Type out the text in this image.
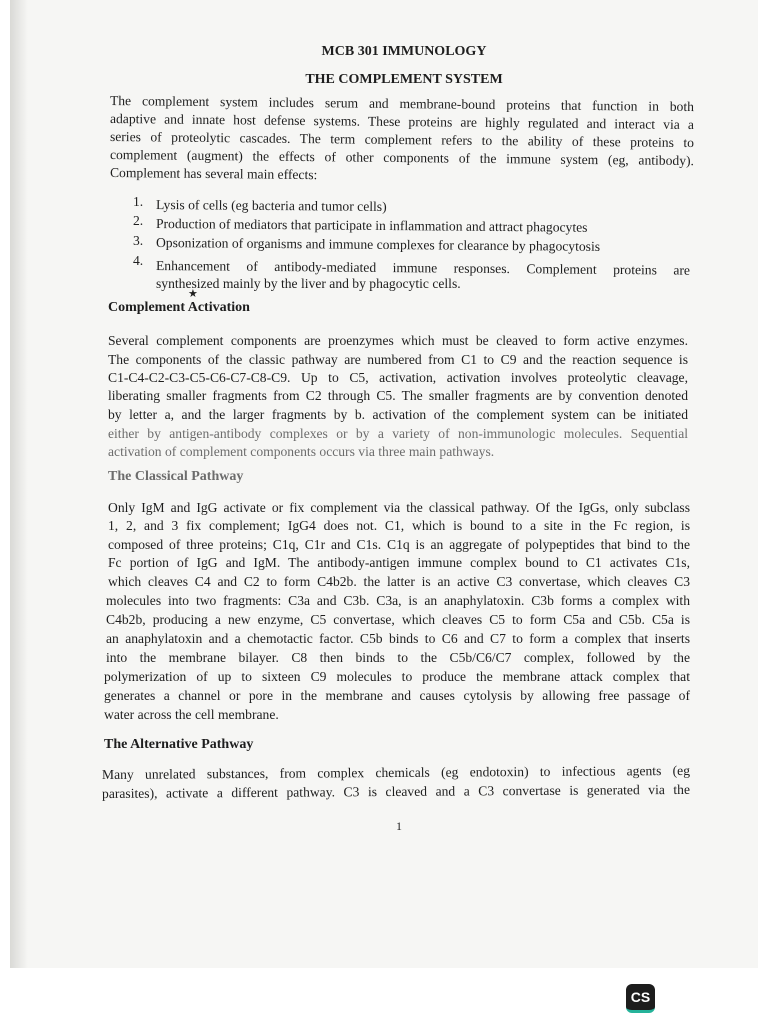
MCB 301 IMMUNOLOGY
THE COMPLEMENT SYSTEM
The complement system includes serum and membrane-bound proteins that function in both
adaptive and innate host defense systems. These proteins are highly regulated and interact via a
series of proteolytic cascades. The term complement refers to the ability of these proteins to
complement (augment) the effects of other components of the immune system (eg, antibody).
Complement has several main effects:
1. Lysis of cells (eg bacteria and tumor cells)
2. Production of mediators that participate in inflammation and attract phagocytes
3. Opsonization of organisms and immune complexes for clearance by phagocytosis
4. Enhancement of antibody-mediated immune responses. Complement proteins are
synthesized mainly by the liver and by phagocytic cells.
★
Complement Activation
Several complement components are proenzymes which must be cleaved to form active enzymes.
The components of the classic pathway are numbered from C1 to C9 and the reaction sequence is
C1-C4-C2-C3-C5-C6-C7-C8-C9. Up to C5, activation, activation involves proteolytic cleavage,
liberating smaller fragments from C2 through C5. The smaller fragments are by convention denoted
by letter a, and the larger fragments by b. activation of the complement system can be initiated
either by antigen-antibody complexes or by a variety of non-immunologic molecules. Sequential
activation of complement components occurs via three main pathways.
The Classical Pathway
Only IgM and IgG activate or fix complement via the classical pathway. Of the IgGs, only subclass
1, 2, and 3 fix complement; IgG4 does not. C1, which is bound to a site in the Fc region, is
composed of three proteins; C1q, C1r and C1s. C1q is an aggregate of polypeptides that bind to the
Fc portion of IgG and IgM. The antibody-antigen immune complex bound to C1 activates C1s,
which cleaves C4 and C2 to form C4b2b. the latter is an active C3 convertase, which cleaves C3
molecules into two fragments: C3a and C3b. C3a, is an anaphylatoxin. C3b forms a complex with
C4b2b, producing a new enzyme, C5 convertase, which cleaves C5 to form C5a and C5b. C5a is
an anaphylatoxin and a chemotactic factor. C5b binds to C6 and C7 to form a complex that inserts
into the membrane bilayer. C8 then binds to the C5b/C6/C7 complex, followed by the
polymerization of up to sixteen C9 molecules to produce the membrane attack complex that
generates a channel or pore in the membrane and causes cytolysis by allowing free passage of
water across the cell membrane.
The Alternative Pathway
Many unrelated substances, from complex chemicals (eg endotoxin) to infectious agents (eg
parasites), activate a different pathway. C3 is cleaved and a C3 convertase is generated via the
1
CS
